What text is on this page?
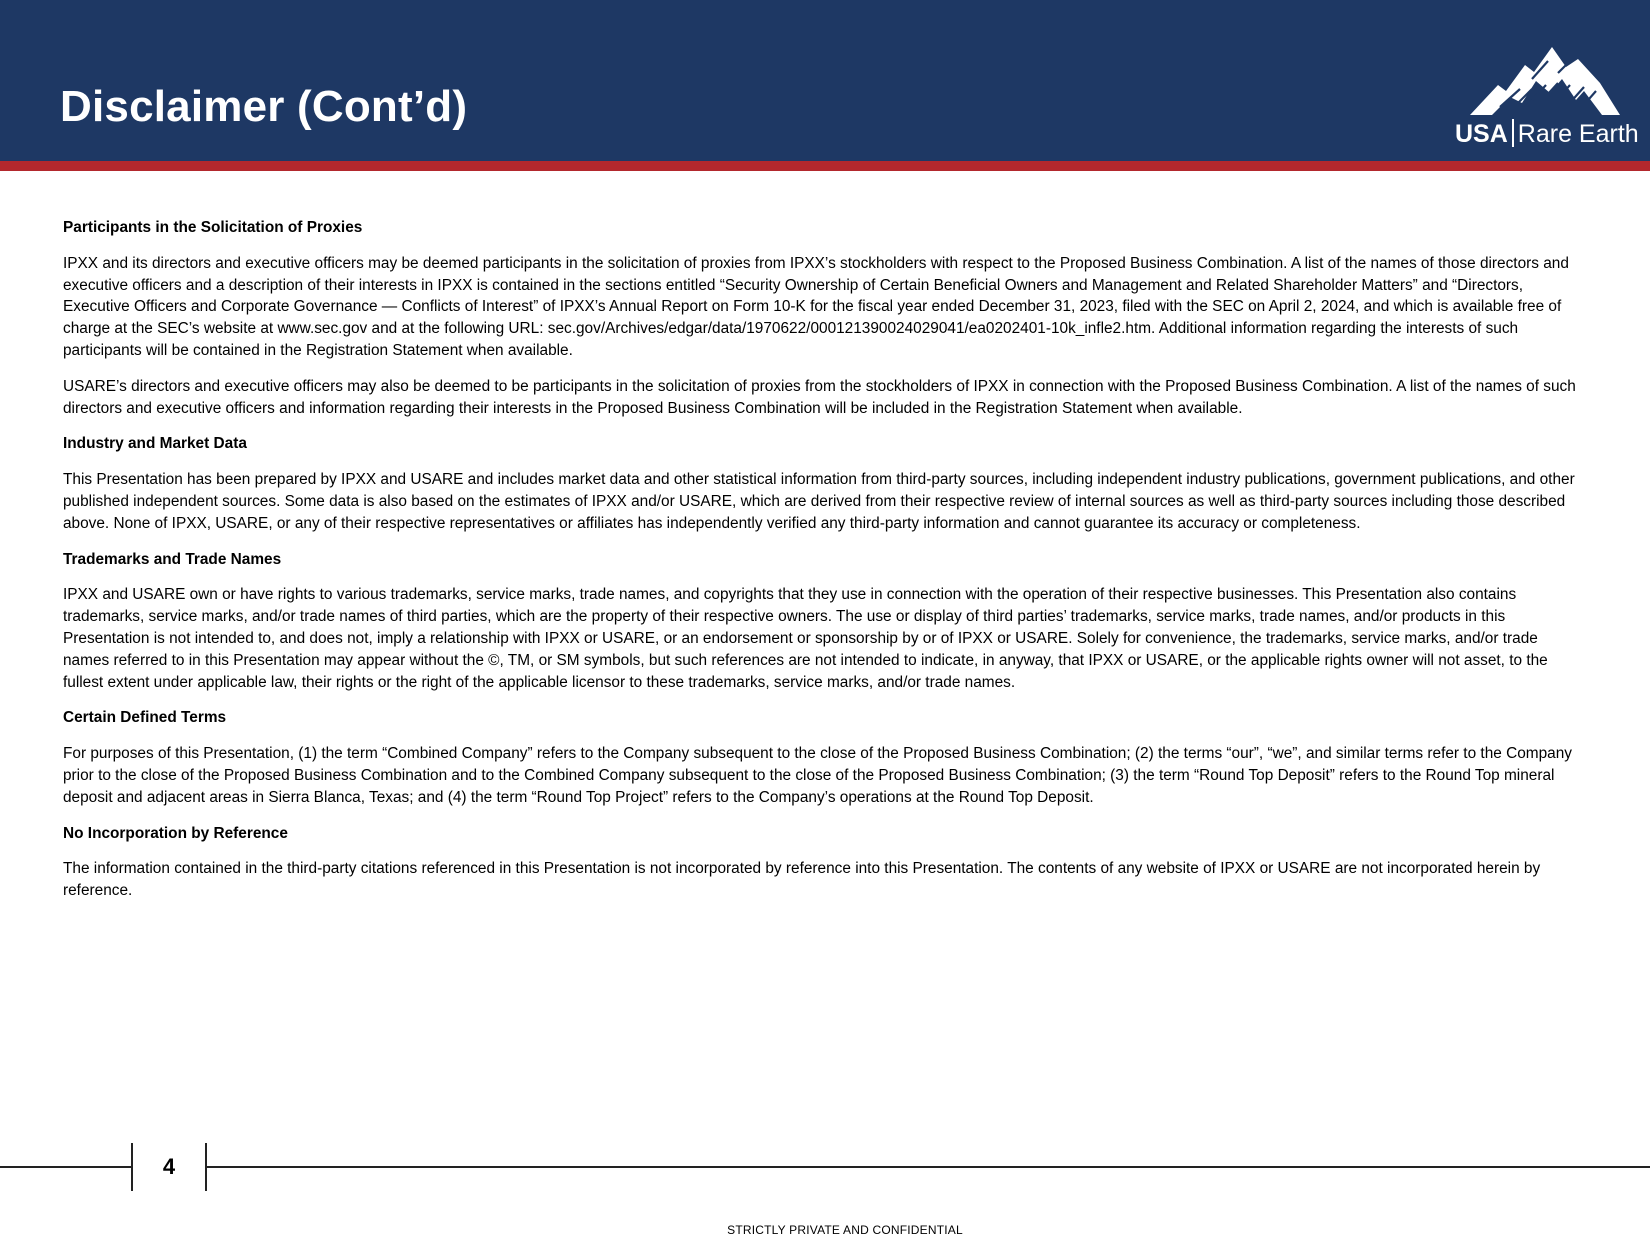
Disclaimer (Cont’d)
USA Rare Earth
Participants in the Solicitation of Proxies

IPXX and its directors and executive officers may be deemed participants in the solicitation of proxies from IPXX’s stockholders with respect to the Proposed Business Combination. A list of the names of those directors and executive officers and a description of their interests in IPXX is contained in the sections entitled “Security Ownership of Certain Beneficial Owners and Management and Related Shareholder Matters” and “Directors, Executive Officers and Corporate Governance — Conflicts of Interest” of IPXX’s Annual Report on Form 10-K for the fiscal year ended December 31, 2023, filed with the SEC on April 2, 2024, and which is available free of charge at the SEC’s website at www.sec.gov and at the following URL: sec.gov/Archives/edgar/data/1970622/000121390024029041/ea0202401-10k_infle2.htm. Additional information regarding the interests of such participants will be contained in the Registration Statement when available.

USARE’s directors and executive officers may also be deemed to be participants in the solicitation of proxies from the stockholders of IPXX in connection with the Proposed Business Combination. A list of the names of such directors and executive officers and information regarding their interests in the Proposed Business Combination will be included in the Registration Statement when available.

Industry and Market Data

This Presentation has been prepared by IPXX and USARE and includes market data and other statistical information from third-party sources, including independent industry publications, government publications, and other published independent sources. Some data is also based on the estimates of IPXX and/or USARE, which are derived from their respective review of internal sources as well as third-party sources including those described above. None of IPXX, USARE, or any of their respective representatives or affiliates has independently verified any third-party information and cannot guarantee its accuracy or completeness.

Trademarks and Trade Names

IPXX and USARE own or have rights to various trademarks, service marks, trade names, and copyrights that they use in connection with the operation of their respective businesses. This Presentation also contains trademarks, service marks, and/or trade names of third parties, which are the property of their respective owners. The use or display of third parties’ trademarks, service marks, trade names, and/or products in this Presentation is not intended to, and does not, imply a relationship with IPXX or USARE, or an endorsement or sponsorship by or of IPXX or USARE. Solely for convenience, the trademarks, service marks, and/or trade names referred to in this Presentation may appear without the ©, TM, or SM symbols, but such references are not intended to indicate, in anyway, that IPXX or USARE, or the applicable rights owner will not asset, to the fullest extent under applicable law, their rights or the right of the applicable licensor to these trademarks, service marks, and/or trade names.

Certain Defined Terms

For purposes of this Presentation, (1) the term “Combined Company” refers to the Company subsequent to the close of the Proposed Business Combination; (2) the terms “our”, “we”, and similar terms refer to the Company prior to the close of the Proposed Business Combination and to the Combined Company subsequent to the close of the Proposed Business Combination; (3) the term “Round Top Deposit” refers to the Round Top mineral deposit and adjacent areas in Sierra Blanca, Texas; and (4) the term “Round Top Project” refers to the Company’s operations at the Round Top Deposit.

No Incorporation by Reference

The information contained in the third-party citations referenced in this Presentation is not incorporated by reference into this Presentation. The contents of any website of IPXX or USARE are not incorporated herein by reference.

4
STRICTLY PRIVATE AND CONFIDENTIAL
